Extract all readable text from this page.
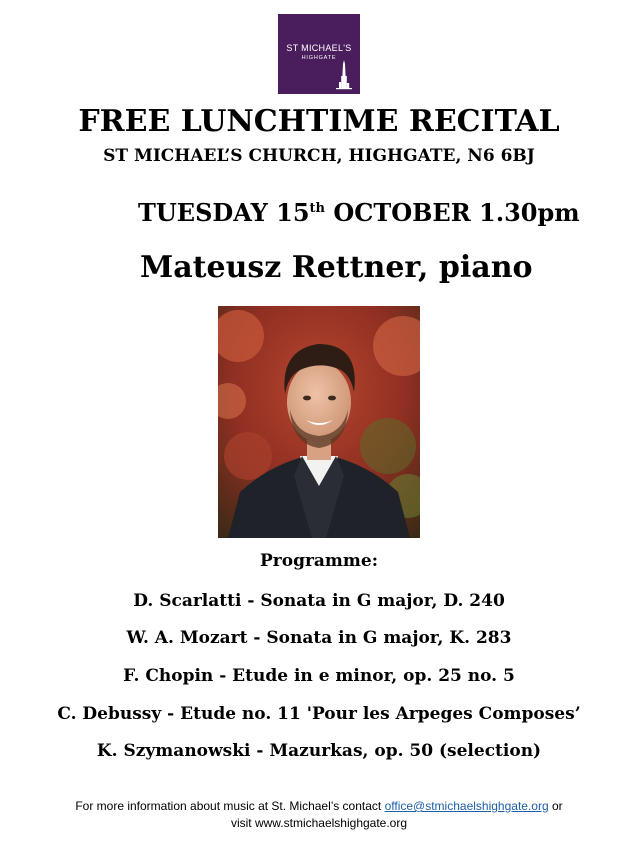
ST MICHAEL'S
HIGHGATE
FREE LUNCHTIME RECITAL
ST MICHAEL’S CHURCH, HIGHGATE, N6 6BJ
TUESDAY 15th OCTOBER 1.30pm
Mateusz Rettner, piano
Programme:
D. Scarlatti - Sonata in G major, D. 240
W. A. Mozart - Sonata in G major, K. 283
F. Chopin - Etude in e minor, op. 25 no. 5
C. Debussy - Etude no. 11 'Pour les Arpeges Composes’
K. Szymanowski - Mazurkas, op. 50 (selection)
For more information about music at St. Michael’s contact office@stmichaelshighgate.org or
visit www.stmichaelshighgate.org
